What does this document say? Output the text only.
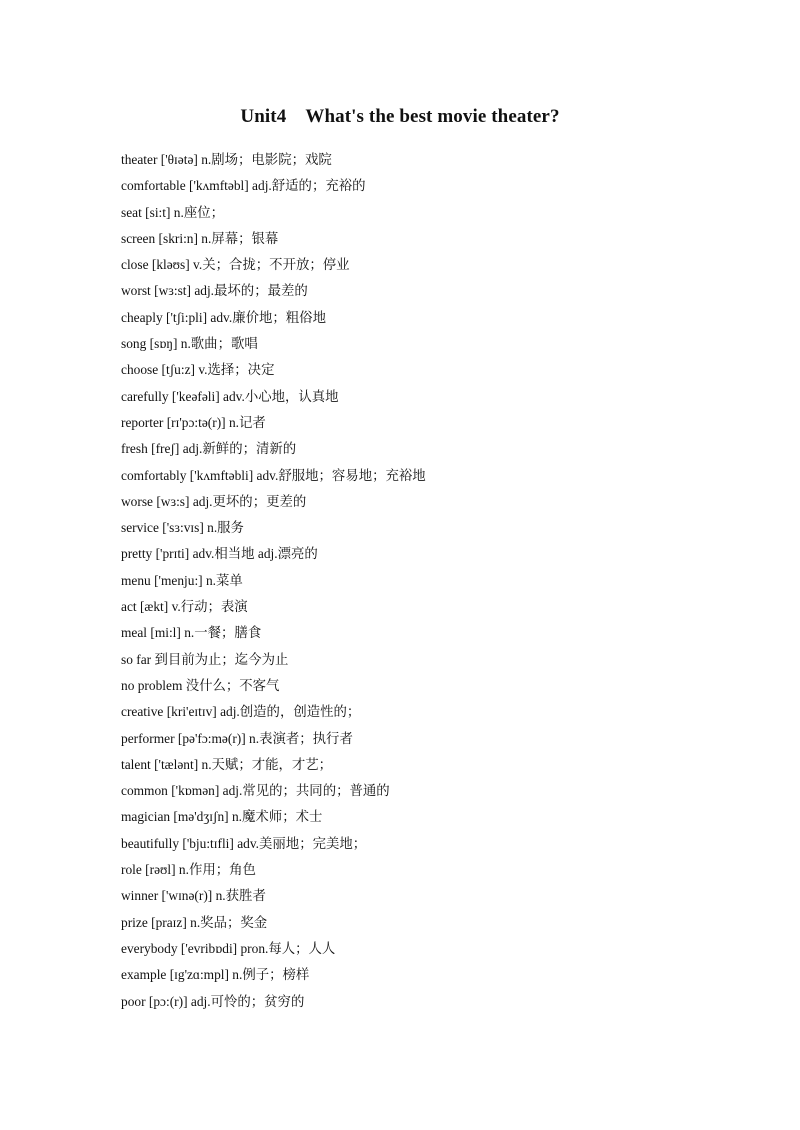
Unit4    What's the best movie theater?
theater ['θɪətə] n.剧场；电影院；戏院
comfortable ['kʌmftəbl] adj.舒适的；充裕的
seat [si:t] n.座位；
screen [skri:n] n.屏幕；银幕
close [kləʊs] v.关；合拢；不开放；停业
worst [wɜ:st] adj.最坏的；最差的
cheaply ['tʃi:pli] adv.廉价地；粗俗地
song [sɒŋ] n.歌曲；歌唱
choose [tʃu:z] v.选择；决定
carefully ['keəfəli] adv.小心地，认真地
reporter [rɪ'pɔ:tə(r)] n.记者
fresh [freʃ] adj.新鲜的；清新的
comfortably ['kʌmftəbli] adv.舒服地；容易地；充裕地
worse [wɜ:s] adj.更坏的；更差的
service ['sɜ:vɪs] n.服务
pretty ['prɪti] adv.相当地 adj.漂亮的
menu ['menju:] n.菜单
act [ækt] v.行动；表演
meal [mi:l] n.一餐；膳食
so far 到目前为止；迄今为止
no problem 没什么；不客气
creative [kri'eɪtɪv] adj.创造的，创造性的；
performer [pə'fɔ:mə(r)] n.表演者；执行者
talent ['tælənt] n.天赋；才能，才艺；
common ['kɒmən] adj.常见的；共同的；普通的
magician [mə'dʒɪʃn] n.魔术师；术士
beautifully ['bju:tɪfli] adv.美丽地；完美地；
role [rəʊl] n.作用；角色
winner ['wɪnə(r)] n.获胜者
prize [praɪz] n.奖品；奖金
everybody ['evribɒdi] pron.每人；人人
example [ɪg'zɑ:mpl] n.例子；榜样
poor [pɔ:(r)] adj.可怜的；贫穷的
